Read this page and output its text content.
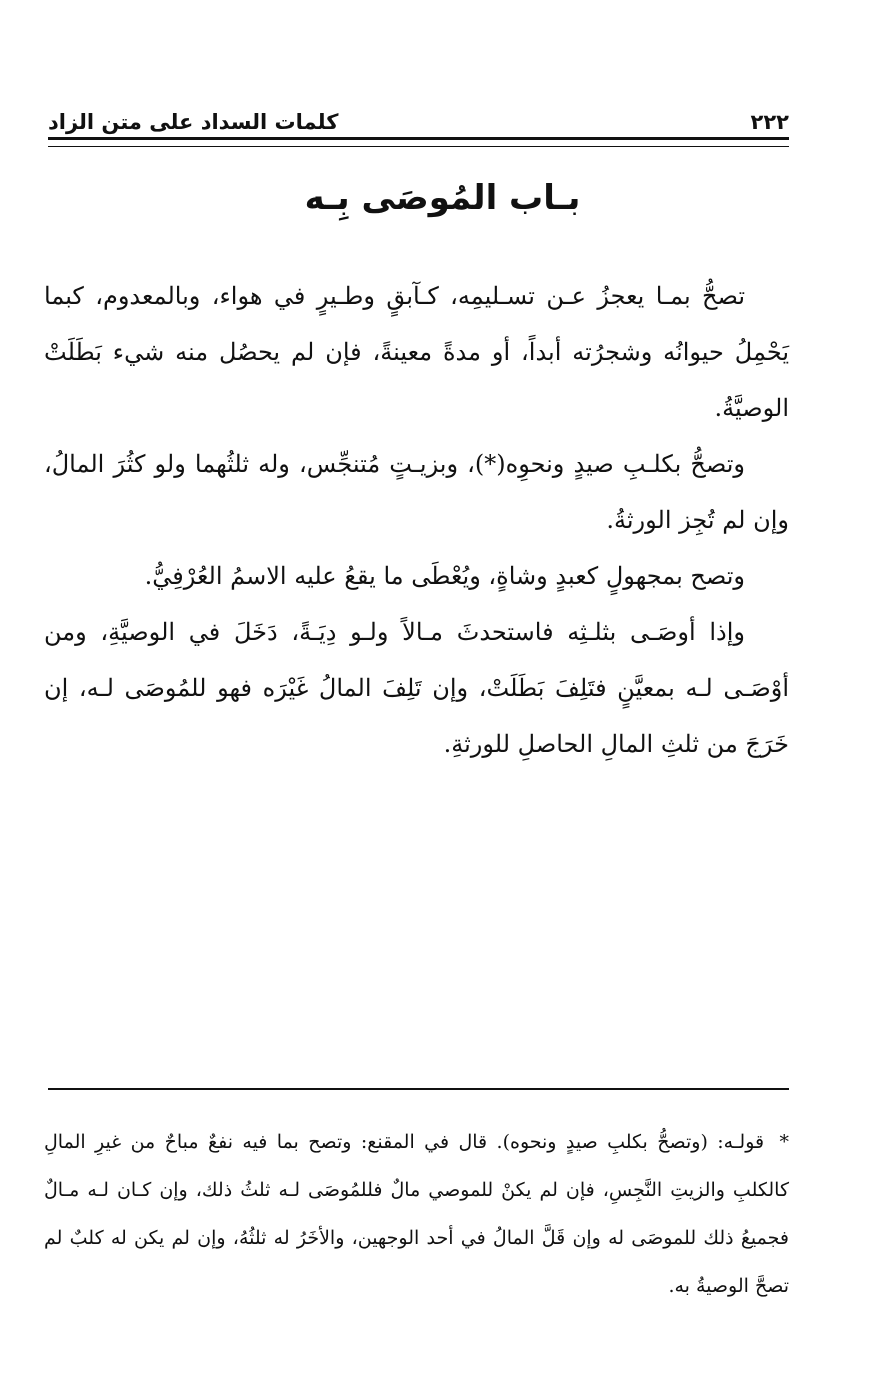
٢٢٢
كلمات السداد على متن الزاد
بـاب المُوصَى بِـه

تصحُّ بمـا يعجزُ عـن تسـليمِه، كـآبقٍ وطـيرٍ في هواء، وبالمعدوم، كبما يَحْمِلُ حيوانُه وشجرُته أبداً، أو مدةً معينةً، فإن لم يحصُل منه شيء بَطَلَتْ الوصيَّةُ.

وتصحُّ بكلـبِ صيدٍ ونحوِه(*)، وبزيـتٍ مُتنجِّس، وله ثلثُهما ولو كثُرَ المالُ، وإن لم تُجِز الورثةُ.

وتصح بمجهولٍ كعبدٍ وشاةٍ، ويُعْطَى ما يقعُ عليه الاسمُ العُرْفِيُّ.

وإذا أوصَـى بثلـثِه فاستحدثَ مـالاً ولـو دِيَـةً، دَخَلَ في الوصيَّةِ، ومن أوْصَـى لـه بمعيَّنٍ فتَلِفَ بَطَلَتْ، وإن تَلِفَ المالُ غَيْرَه فهو للمُوصَى لـه، إن خَرَجَ من ثلثِ المالِ الحاصلِ للورثةِ.

* قولـه: (وتصحُّ بكلبِ صيدٍ ونحوه). قال في المقنع: وتصح بما فيه نفعٌ مباحٌ من غيرِ المالِ كالكلبِ والزيتِ النَّجِسِ، فإن لم يكنْ للموصي مالٌ فللمُوصَى لـه ثلثُ ذلك، وإن كـان لـه مـالٌ فجميعُ ذلك للموصَى له وإن قَلَّ المالُ في أحد الوجهين، والأخَرُ له ثلثُهُ، وإن لم يكن له كلبٌ لم تصحَّ الوصيةُ به.
